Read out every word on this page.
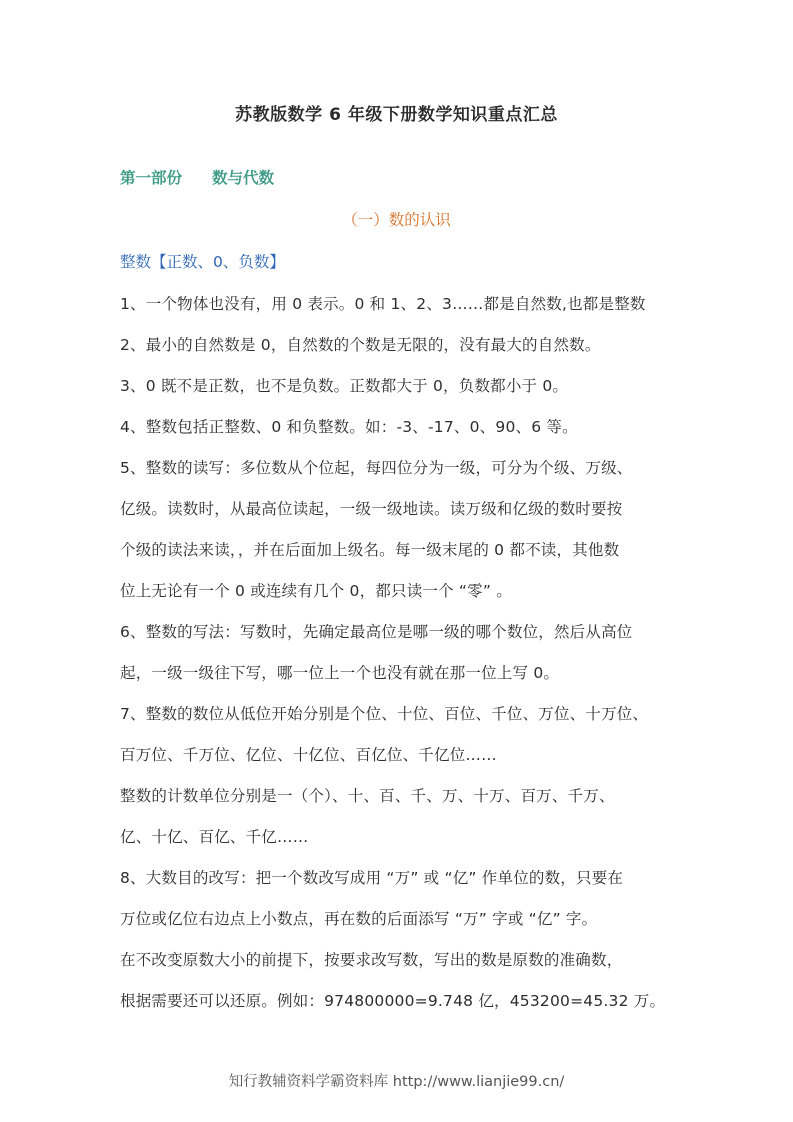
苏教版数学 6 年级下册数学知识重点汇总
第一部份 数与代数
（一）数的认识
整数【正数、0、负数】
1、一个物体也没有，用 0 表示。0 和 1、2、3……都是自然数,也都是整数
2、最小的自然数是 0，自然数的个数是无限的，没有最大的自然数。
3、0 既不是正数，也不是负数。正数都大于 0，负数都小于 0。
4、整数包括正整数、0 和负整数。如：-3、-17、0、90、6 等。
5、整数的读写：多位数从个位起，每四位分为一级，可分为个级、万级、
亿级。读数时，从最高位读起，一级一级地读。读万级和亿级的数时要按
个级的读法来读，，并在后面加上级名。每一级末尾的 0 都不读，其他数
位上无论有一个 0 或连续有几个 0，都只读一个 “零” 。
6、整数的写法：写数时，先确定最高位是哪一级的哪个数位，然后从高位
起，一级一级往下写，哪一位上一个也没有就在那一位上写 0。
7、整数的数位从低位开始分别是个位、十位、百位、千位、万位、十万位、
百万位、千万位、亿位、十亿位、百亿位、千亿位……
整数的计数单位分别是一（个）、十、百、千、万、十万、百万、千万、
亿、十亿、百亿、千亿……
8、大数目的改写：把一个数改写成用 “万” 或 “亿” 作单位的数，只要在
万位或亿位右边点上小数点，再在数的后面添写 “万” 字或 “亿” 字。
在不改变原数大小的前提下，按要求改写数，写出的数是原数的准确数，
根据需要还可以还原。例如：974800000=9.748 亿，453200=45.32 万。
知行教辅资料学霸资料库 http://www.lianjie99.cn/
